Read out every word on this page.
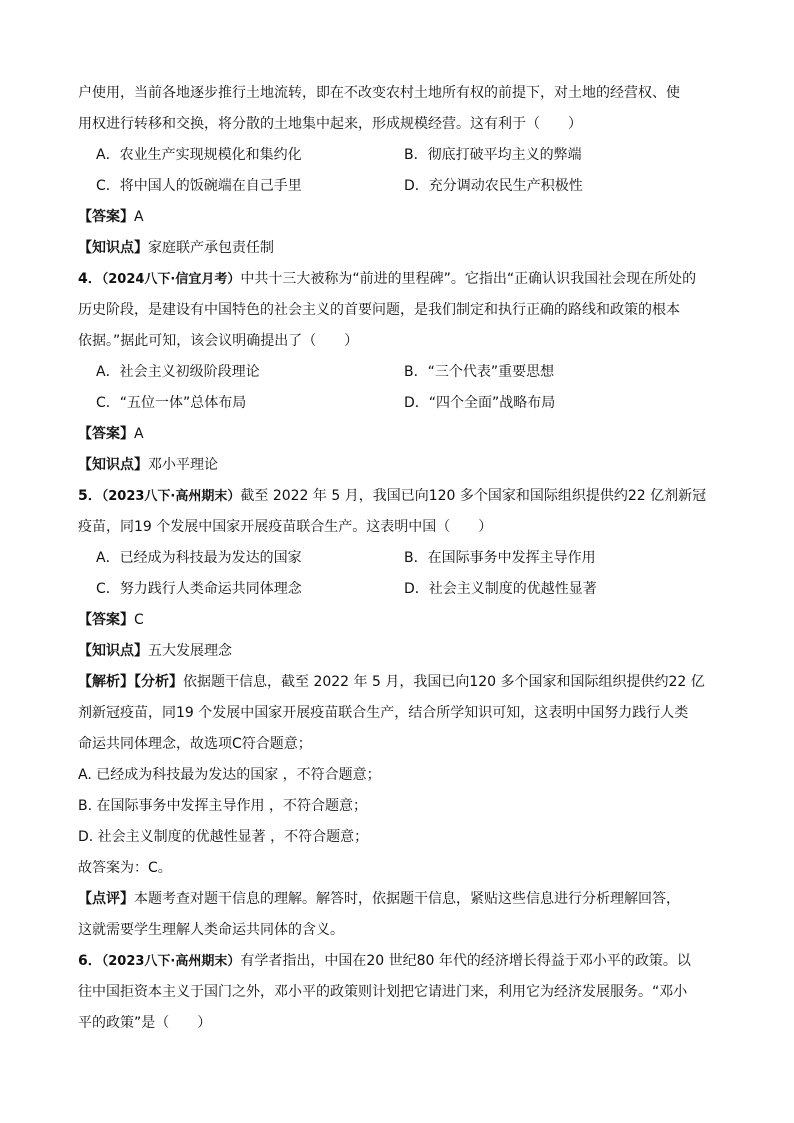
户使用，当前各地逐步推行土地流转，即在不改变农村土地所有权的前提下，对土地的经营权、使
用权进行转移和交换，将分散的土地集中起来，形成规模经营。这有利于（　　）
A．农业生产实现规模化和集约化	B．彻底打破平均主义的弊端
C．将中国人的饭碗端在自己手里	D．充分调动农民生产积极性
【答案】A
【知识点】家庭联产承包责任制
4．（2024八下·信宜月考）中共十三大被称为“前进的里程碑”。它指出“正确认识我国社会现在所处的
历史阶段，是建设有中国特色的社会主义的首要问题，是我们制定和执行正确的路线和政策的根本
依据。”据此可知，该会议明确提出了（　　）
A．社会主义初级阶段理论	B．“三个代表”重要思想
C．“五位一体”总体布局	D．“四个全面”战略布局
【答案】A
【知识点】邓小平理论
5．（2023八下·高州期末）截至 2022 年 5 月，我国已向120 多个国家和国际组织提供约22 亿剂新冠
疫苗，同19 个发展中国家开展疫苗联合生产。这表明中国（　　）
A．已经成为科技最为发达的国家	B．在国际事务中发挥主导作用
C．努力践行人类命运共同体理念	D．社会主义制度的优越性显著
【答案】C
【知识点】五大发展理念
【解析】【分析】依据题干信息，截至 2022 年 5 月，我国已向120 多个国家和国际组织提供约22 亿
剂新冠疫苗，同19 个发展中国家开展疫苗联合生产，结合所学知识可知，这表明中国努力践行人类
命运共同体理念，故选项C符合题意；
A. 已经成为科技最为发达的国家 ，不符合题意；
B. 在国际事务中发挥主导作用 ，不符合题意；
D. 社会主义制度的优越性显著 ，不符合题意；
故答案为：C。
【点评】本题考查对题干信息的理解。解答时，依据题干信息，紧贴这些信息进行分析理解回答，
这就需要学生理解人类命运共同体的含义。
6．（2023八下·高州期末）有学者指出，中国在20 世纪80 年代的经济增长得益于邓小平的政策。以
往中国拒资本主义于国门之外，邓小平的政策则计划把它请进门来，利用它为经济发展服务。“邓小
平的政策”是（　　）
